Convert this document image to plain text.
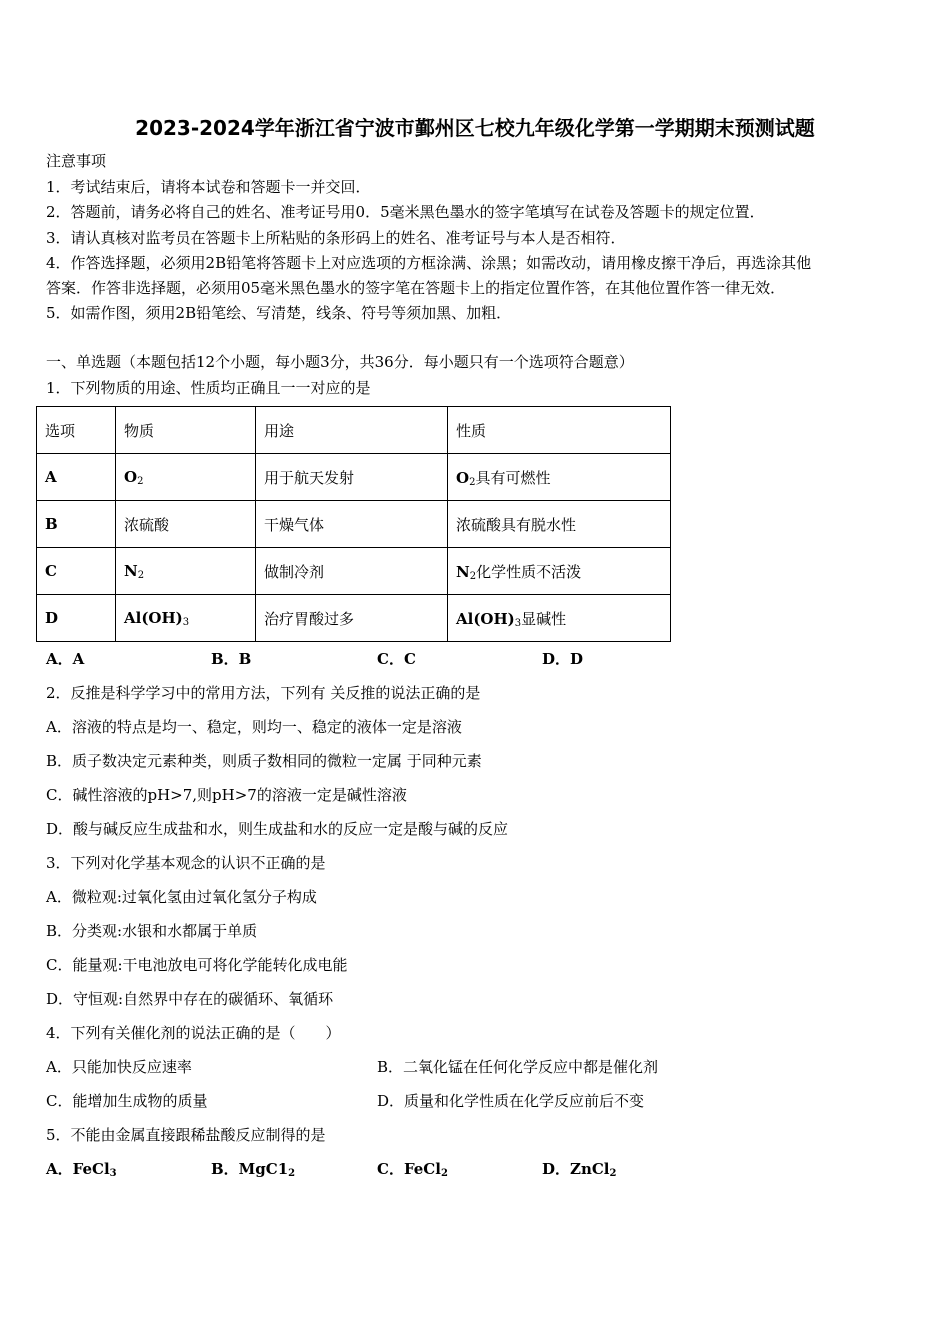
2023-2024学年浙江省宁波市鄞州区七校九年级化学第一学期期末预测试题
注意事项
1．考试结束后，请将本试卷和答题卡一并交回．
2．答题前，请务必将自己的姓名、准考证号用0．5毫米黑色墨水的签字笔填写在试卷及答题卡的规定位置．
3．请认真核对监考员在答题卡上所粘贴的条形码上的姓名、准考证号与本人是否相符．
4．作答选择题，必须用2B铅笔将答题卡上对应选项的方框涂满、涂黑；如需改动，请用橡皮擦干净后，再选涂其他
答案．作答非选择题，必须用05毫米黑色墨水的签字笔在答题卡上的指定位置作答，在其他位置作答一律无效．
5．如需作图，须用2B铅笔绘、写清楚，线条、符号等须加黑、加粗．
一、单选题（本题包括12个小题，每小题3分，共36分．每小题只有一个选项符合题意）
1．下列物质的用途、性质均正确且一一对应的是
选项	物质	用途	性质
A	$O_2$	用于航天发射	$O_2$具有可燃性
B	浓硫酸	干燥气体	浓硫酸具有脱水性
C	$N_2$	做制冷剂	$N_2$化学性质不活泼
D	$Al(OH)_3$	治疗胃酸过多	$Al(OH)_3$显碱性
A．A	B．B	C．C	D．D
2．反推是科学学习中的常用方法，下列有 关反推的说法正确的是
A．溶液的特点是均一、稳定，则均一、稳定的液体一定是溶液
B．质子数决定元素种类，则质子数相同的微粒一定属 于同种元素
C．碱性溶液的pH>7,则pH>7的溶液一定是碱性溶液
D．酸与碱反应生成盐和水，则生成盐和水的反应一定是酸与碱的反应
3．下列对化学基本观念的认识不正确的是
A．微粒观:过氧化氢由过氧化氢分子构成
B．分类观:水银和水都属于单质
C．能量观:干电池放电可将化学能转化成电能
D．守恒观:自然界中存在的碳循环、氧循环
4．下列有关催化剂的说法正确的是（　　）
A．只能加快反应速率	B．二氧化锰在任何化学反应中都是催化剂
C．能增加生成物的质量	D．质量和化学性质在化学反应前后不变
5．不能由金属直接跟稀盐酸反应制得的是
A．FeCl$_3$	B．$MgC1_2$	C．FeCl$_2$	D．ZnCl$_2$
